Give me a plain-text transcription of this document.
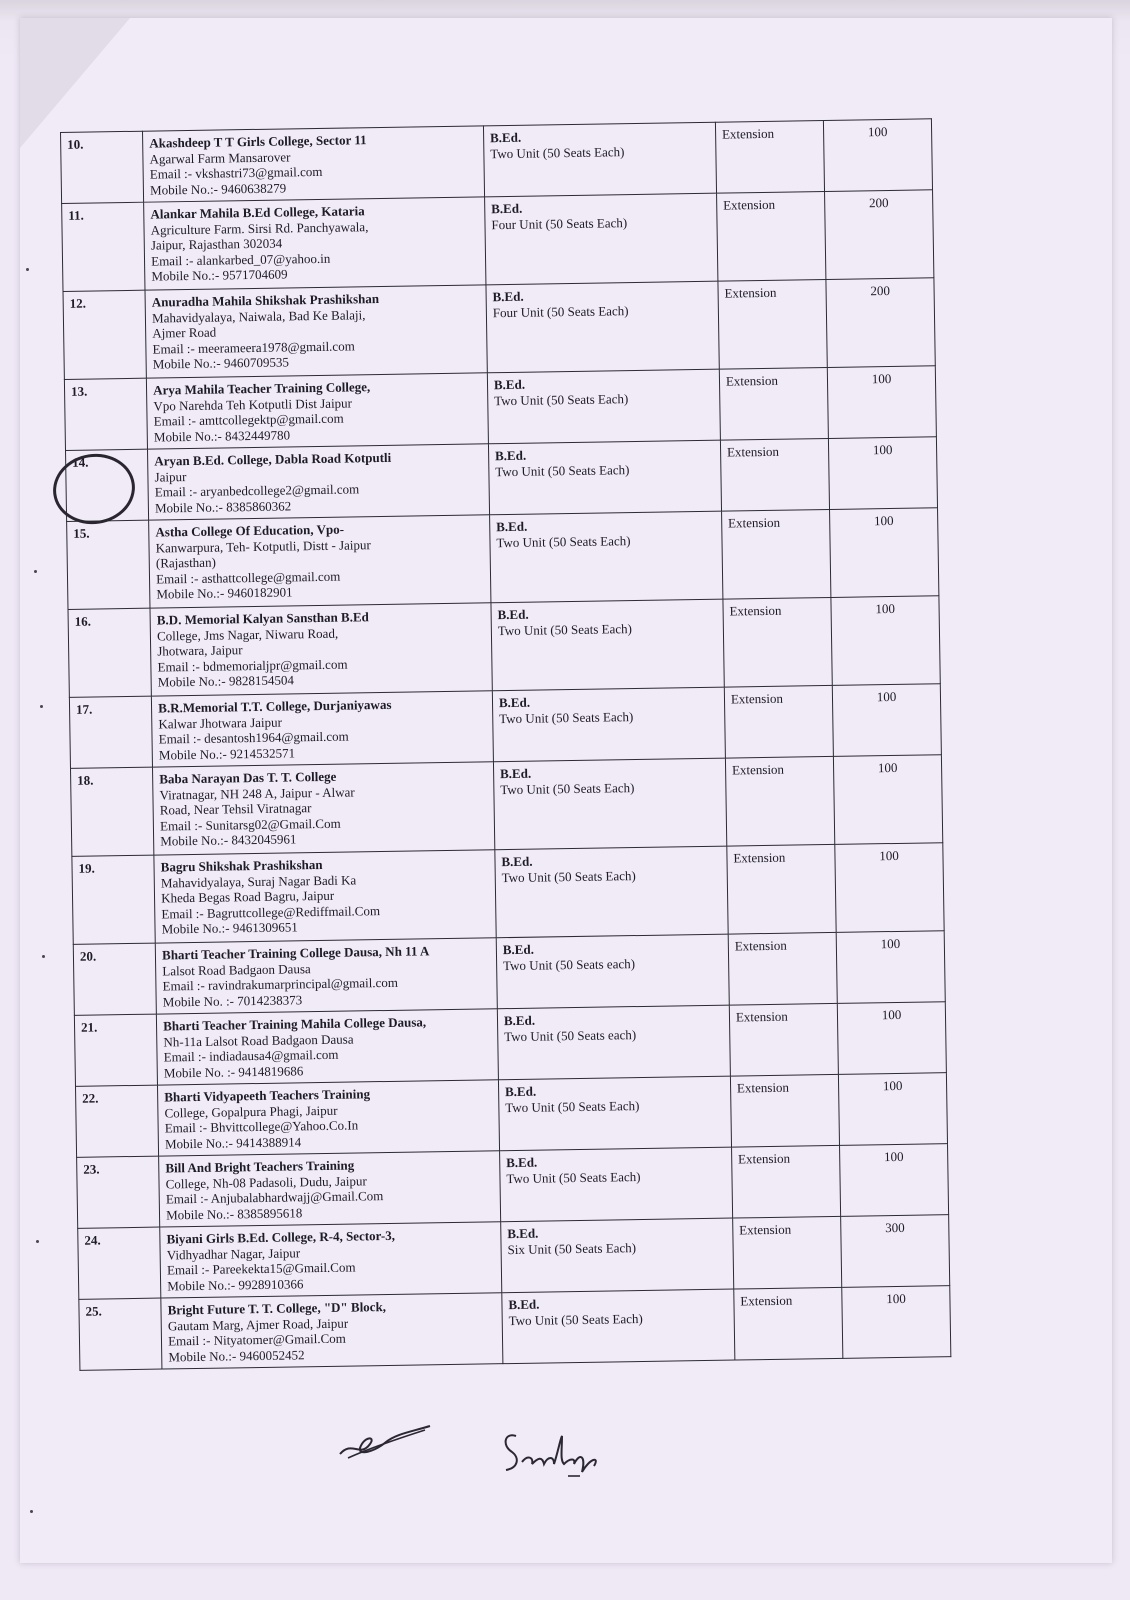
10.	Akashdeep T T Girls College, Sector 11
Agarwal Farm Mansarover
Email :- vkshastri73@gmail.com
Mobile No.:- 9460638279	B.Ed.
Two Unit (50 Seats Each)	Extension	100
11.	Alankar Mahila B.Ed College, Kataria
Agriculture Farm. Sirsi Rd. Panchyawala,
Jaipur, Rajasthan 302034
Email :- alankarbed_07@yahoo.in
Mobile No.:- 9571704609	B.Ed.
Four Unit (50 Seats Each)	Extension	200
12.	Anuradha Mahila Shikshak Prashikshan
Mahavidyalaya, Naiwala, Bad Ke Balaji,
Ajmer Road
Email :- meerameera1978@gmail.com
Mobile No.:- 9460709535	B.Ed.
Four Unit (50 Seats Each)	Extension	200
13.	Arya Mahila Teacher Training College,
Vpo Narehda Teh Kotputli Dist Jaipur
Email :- amttcollegektp@gmail.com
Mobile No.:- 8432449780	B.Ed.
Two Unit (50 Seats Each)	Extension	100
14.	Aryan B.Ed. College, Dabla Road Kotputli
Jaipur
Email :- aryanbedcollege2@gmail.com
Mobile No.:- 8385860362	B.Ed.
Two Unit (50 Seats Each)	Extension	100
15.	Astha College Of Education, Vpo-
Kanwarpura, Teh- Kotputli, Distt - Jaipur
(Rajasthan)
Email :- asthattcollege@gmail.com
Mobile No.:- 9460182901	B.Ed.
Two Unit (50 Seats Each)	Extension	100
16.	B.D. Memorial Kalyan Sansthan B.Ed
College, Jms Nagar, Niwaru Road,
Jhotwara, Jaipur
Email :- bdmemorialjpr@gmail.com
Mobile No.:- 9828154504	B.Ed.
Two Unit (50 Seats Each)	Extension	100
17.	B.R.Memorial T.T. College, Durjaniyawas
Kalwar Jhotwara Jaipur
Email :- desantosh1964@gmail.com
Mobile No.:- 9214532571	B.Ed.
Two Unit (50 Seats Each)	Extension	100
18.	Baba Narayan Das T. T. College
Viratnagar, NH 248 A, Jaipur - Alwar
Road, Near Tehsil Viratnagar
Email :- Sunitarsg02@Gmail.Com
Mobile No.:- 8432045961	B.Ed.
Two Unit (50 Seats Each)	Extension	100
19.	Bagru Shikshak Prashikshan
Mahavidyalaya, Suraj Nagar Badi Ka
Kheda Begas Road Bagru, Jaipur
Email :- Bagruttcollege@Rediffmail.Com
Mobile No.:- 9461309651	B.Ed.
Two Unit (50 Seats Each)	Extension	100
20.	Bharti Teacher Training College Dausa, Nh 11 A
Lalsot Road Badgaon Dausa
Email :- ravindrakumarprincipal@gmail.com
Mobile No. :- 7014238373	B.Ed.
Two Unit (50 Seats each)	Extension	100
21.	Bharti Teacher Training Mahila College Dausa,
Nh-11a Lalsot Road Badgaon Dausa
Email :- indiadausa4@gmail.com
Mobile No. :- 9414819686	B.Ed.
Two Unit (50 Seats each)	Extension	100
22.	Bharti Vidyapeeth Teachers Training
College, Gopalpura Phagi, Jaipur
Email :- Bhvittcollege@Yahoo.Co.In
Mobile No.:- 9414388914	B.Ed.
Two Unit (50 Seats Each)	Extension	100
23.	Bill And Bright Teachers Training
College, Nh-08 Padasoli, Dudu, Jaipur
Email :- Anjubalabhardwajj@Gmail.Com
Mobile No.:- 8385895618	B.Ed.
Two Unit (50 Seats Each)	Extension	100
24.	Biyani Girls B.Ed. College, R-4, Sector-3,
Vidhyadhar Nagar, Jaipur
Email :- Pareekekta15@Gmail.Com
Mobile No.:- 9928910366	B.Ed.
Six Unit (50 Seats Each)	Extension	300
25.	Bright Future T. T. College, "D" Block,
Gautam Marg, Ajmer Road, Jaipur
Email :- Nityatomer@Gmail.Com
Mobile No.:- 9460052452	B.Ed.
Two Unit (50 Seats Each)	Extension	100
